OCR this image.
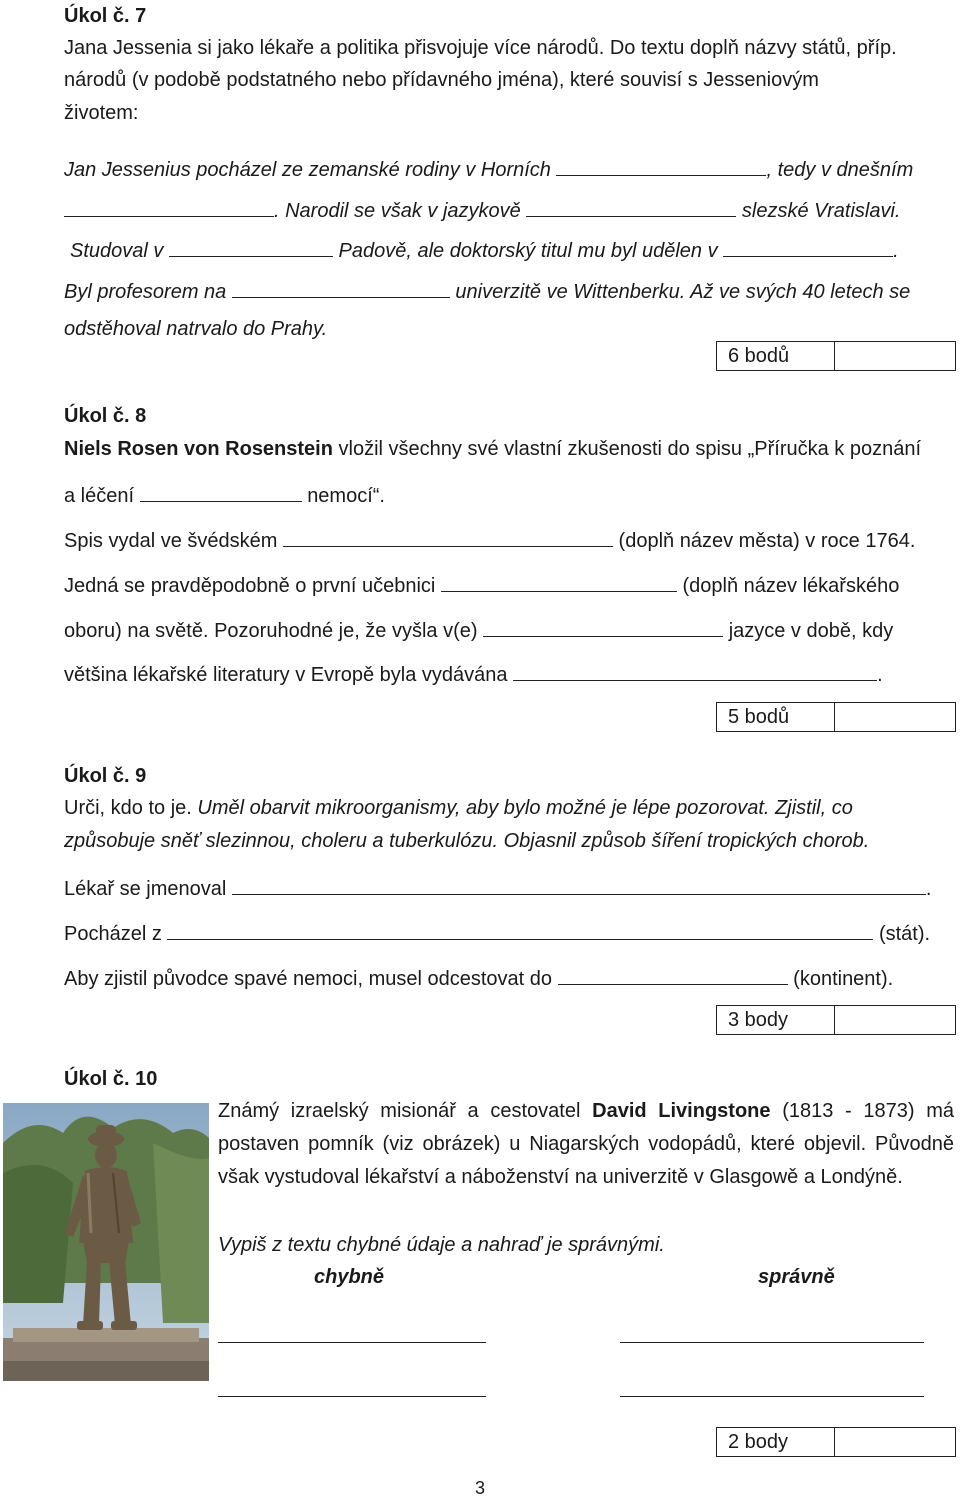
Úkol č. 7
Jana Jessenia si jako lékaře a politika přisvojuje více národů. Do textu doplň názvy států, příp.
národů (v podobě podstatného nebo přídavného jména), které souvisí s Jesseniovým
životem:
Jan Jessenius pocházel ze zemanské rodiny v Horních	, tedy v dnešním
. Narodil se však v jazykově	slezské Vratislavi.
Studoval v	Padově, ale doktorský titul mu byl udělen v	.
Byl profesorem na	univerzitě ve Wittenberku. Až ve svých 40 letech se
odstěhoval natrvalo do Prahy.
6 bodů
Úkol č. 8
Niels Rosen von Rosenstein vložil všechny své vlastní zkušenosti do spisu „Příručka k poznání
a léčení	nemocí“.
Spis vydal ve švédském	(doplň název města) v roce 1764.
Jedná se pravděpodobně o první učebnici	(doplň název lékařského
oboru) na světě. Pozoruhodné je, že vyšla v(e)	jazyce v době, kdy
většina lékařské literatury v Evropě byla vydávána	.
5 bodů
Úkol č. 9
Urči, kdo to je. Uměl obarvit mikroorganismy, aby bylo možné je lépe pozorovat. Zjistil, co
způsobuje sněť slezinnou, choleru a tuberkulózu. Objasnil způsob šíření tropických chorob.
Lékař se jmenoval	.
Pocházel z	(stát).
Aby zjistil původce spavé nemoci, musel odcestovat do	(kontinent).
3 body
Úkol č. 10
Známý izraelský misionář a cestovatel David Livingstone (1813 - 1873) má postaven pomník (viz obrázek) u Niagarských vodopádů, které objevil. Původně však vystudoval lékařství a náboženství na univerzitě v Glasgowě a Londýně.
Vypiš z textu chybné údaje a nahraď je správnými.
chybně	správně
2 body
3
